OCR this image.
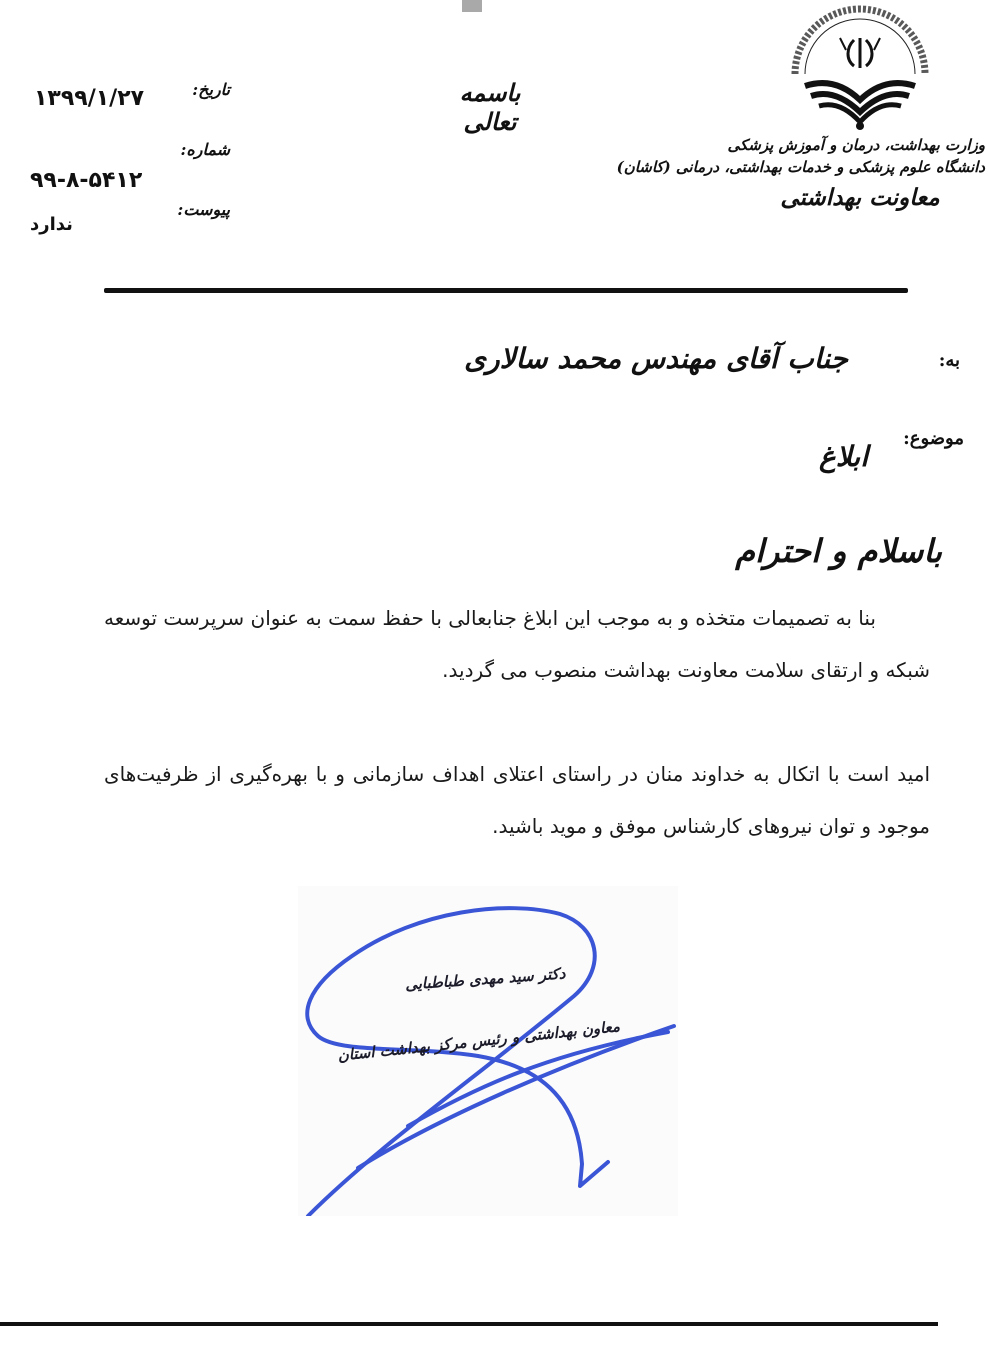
وزارت بهداشت، درمان و آموزش پزشکی
دانشگاه علوم پزشکی و خدمات بهداشتی، درمانی (کاشان)
معاونت بهداشتی
باسمه تعالی
تاریخ:
۱۳۹۹/۱/۲۷
شماره:
۹۹-۸-۵۴۱۲
پیوست:
ندارد
به:
جناب آقای مهندس محمد سالاری
موضوع:
ابلاغ
باسلام و احترام
بنا به تصمیمات متخذه و به موجب این ابلاغ جنابعالی با حفظ سمت به عنوان سرپرست توسعه شبکه و ارتقای سلامت معاونت بهداشت منصوب می گردید.
امید است با اتکال به خداوند منان در راستای اعتلای اهداف سازمانی و با بهره‌گیری از ظرفیت‌های موجود و توان نیروهای کارشناس موفق و موید باشید.
دکتر سید مهدی طباطبایی
معاون بهداشتی و رئیس مرکز بهداشت استان
